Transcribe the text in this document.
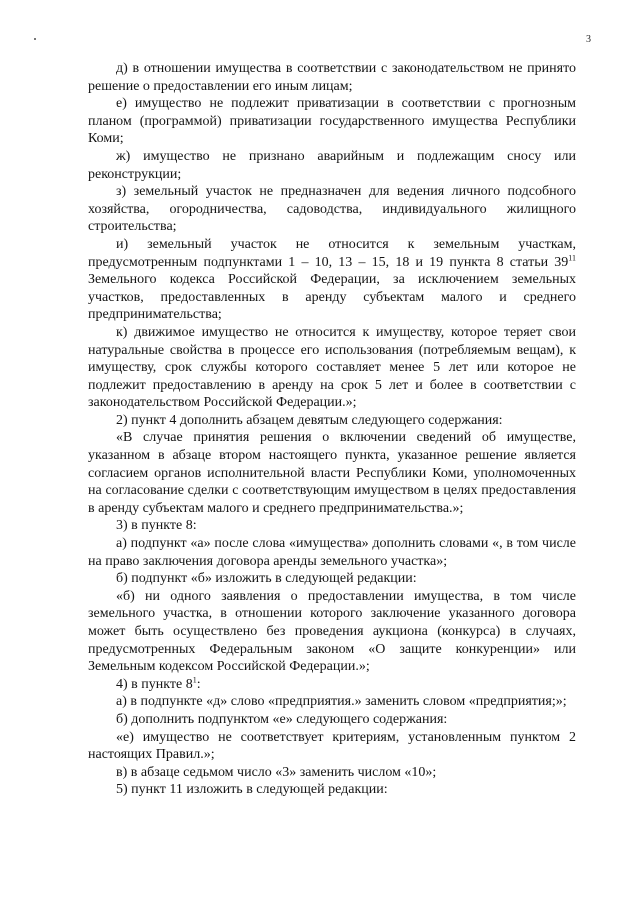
3

д) в отношении имущества в соответствии с законодательством не принято решение о предоставлении его иным лицам;

е) имущество не подлежит приватизации в соответствии с прогнозным планом (программой) приватизации государственного имущества Республики Коми;

ж) имущество не признано аварийным и подлежащим сносу или реконструкции;

з) земельный участок не предназначен для ведения личного подсобного хозяйства, огородничества, садоводства, индивидуального жилищного строительства;

и) земельный участок не относится к земельным участкам, предусмотренным подпунктами 1 – 10, 13 – 15, 18 и 19 пункта 8 статьи $39^{11}$ Земельного кодекса Российской Федерации, за исключением земельных участков, предоставленных в аренду субъектам малого и среднего предпринимательства;

к) движимое имущество не относится к имуществу, которое теряет свои натуральные свойства в процессе его использования (потребляемым вещам), к имуществу, срок службы которого составляет менее 5 лет или которое не подлежит предоставлению в аренду на срок 5 лет и более в соответствии с законодательством Российской Федерации.»;

2) пункт 4 дополнить абзацем девятым следующего содержания:

«В случае принятия решения о включении сведений об имуществе, указанном в абзаце втором настоящего пункта, указанное решение является согласием органов исполнительной власти Республики Коми, уполномоченных на согласование сделки с соответствующим имуществом в целях предоставления в аренду субъектам малого и среднего предпринимательства.»;

3) в пункте 8:

а) подпункт «а» после слова «имущества» дополнить словами «, в том числе на право заключения договора аренды земельного участка»;

б) подпункт «б» изложить в следующей редакции:

«б) ни одного заявления о предоставлении имущества, в том числе земельного участка, в отношении которого заключение указанного договора может быть осуществлено без проведения аукциона (конкурса) в случаях, предусмотренных Федеральным законом «О защите конкуренции» или Земельным кодексом Российской Федерации.»;

4) в пункте $8^1$:

а) в подпункте «д» слово «предприятия.» заменить словом «предприятия;»;

б) дополнить подпунктом «е» следующего содержания:

«е) имущество не соответствует критериям, установленным пунктом 2 настоящих Правил.»;

в) в абзаце седьмом число «3» заменить числом «10»;

5) пункт 11 изложить в следующей редакции:
